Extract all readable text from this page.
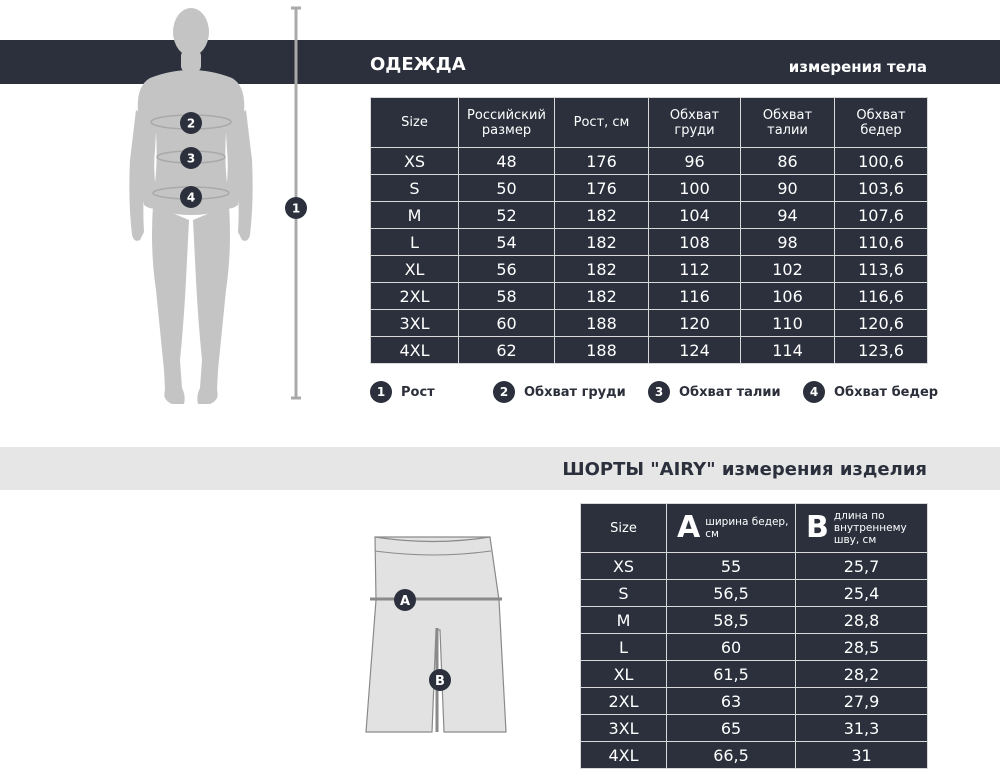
2
3
4
1
ОДЕЖДА	измерения тела
Size	Российский размер	Рост, см	Обхват груди	Обхват талии	Обхват бедер
XS	48	176	96	86	100,6
S	50	176	100	90	103,6
M	52	182	104	94	107,6
L	54	182	108	98	110,6
XL	56	182	112	102	113,6
2XL	58	182	116	106	116,6
3XL	60	188	120	110	120,6
4XL	62	188	124	114	123,6
1	Рост	2	Обхват груди	3	Обхват талии	4	Обхват бедер
ШОРТЫ "AIRY" измерения изделия
A
B
Size	A ширина бедер, см	B длина по внутреннему шву, см

XS	55	25,7
S	56,5	25,4
M	58,5	28,8
L	60	28,5
XL	61,5	28,2
2XL	63	27,9
3XL	65	31,3
4XL	66,5	31
